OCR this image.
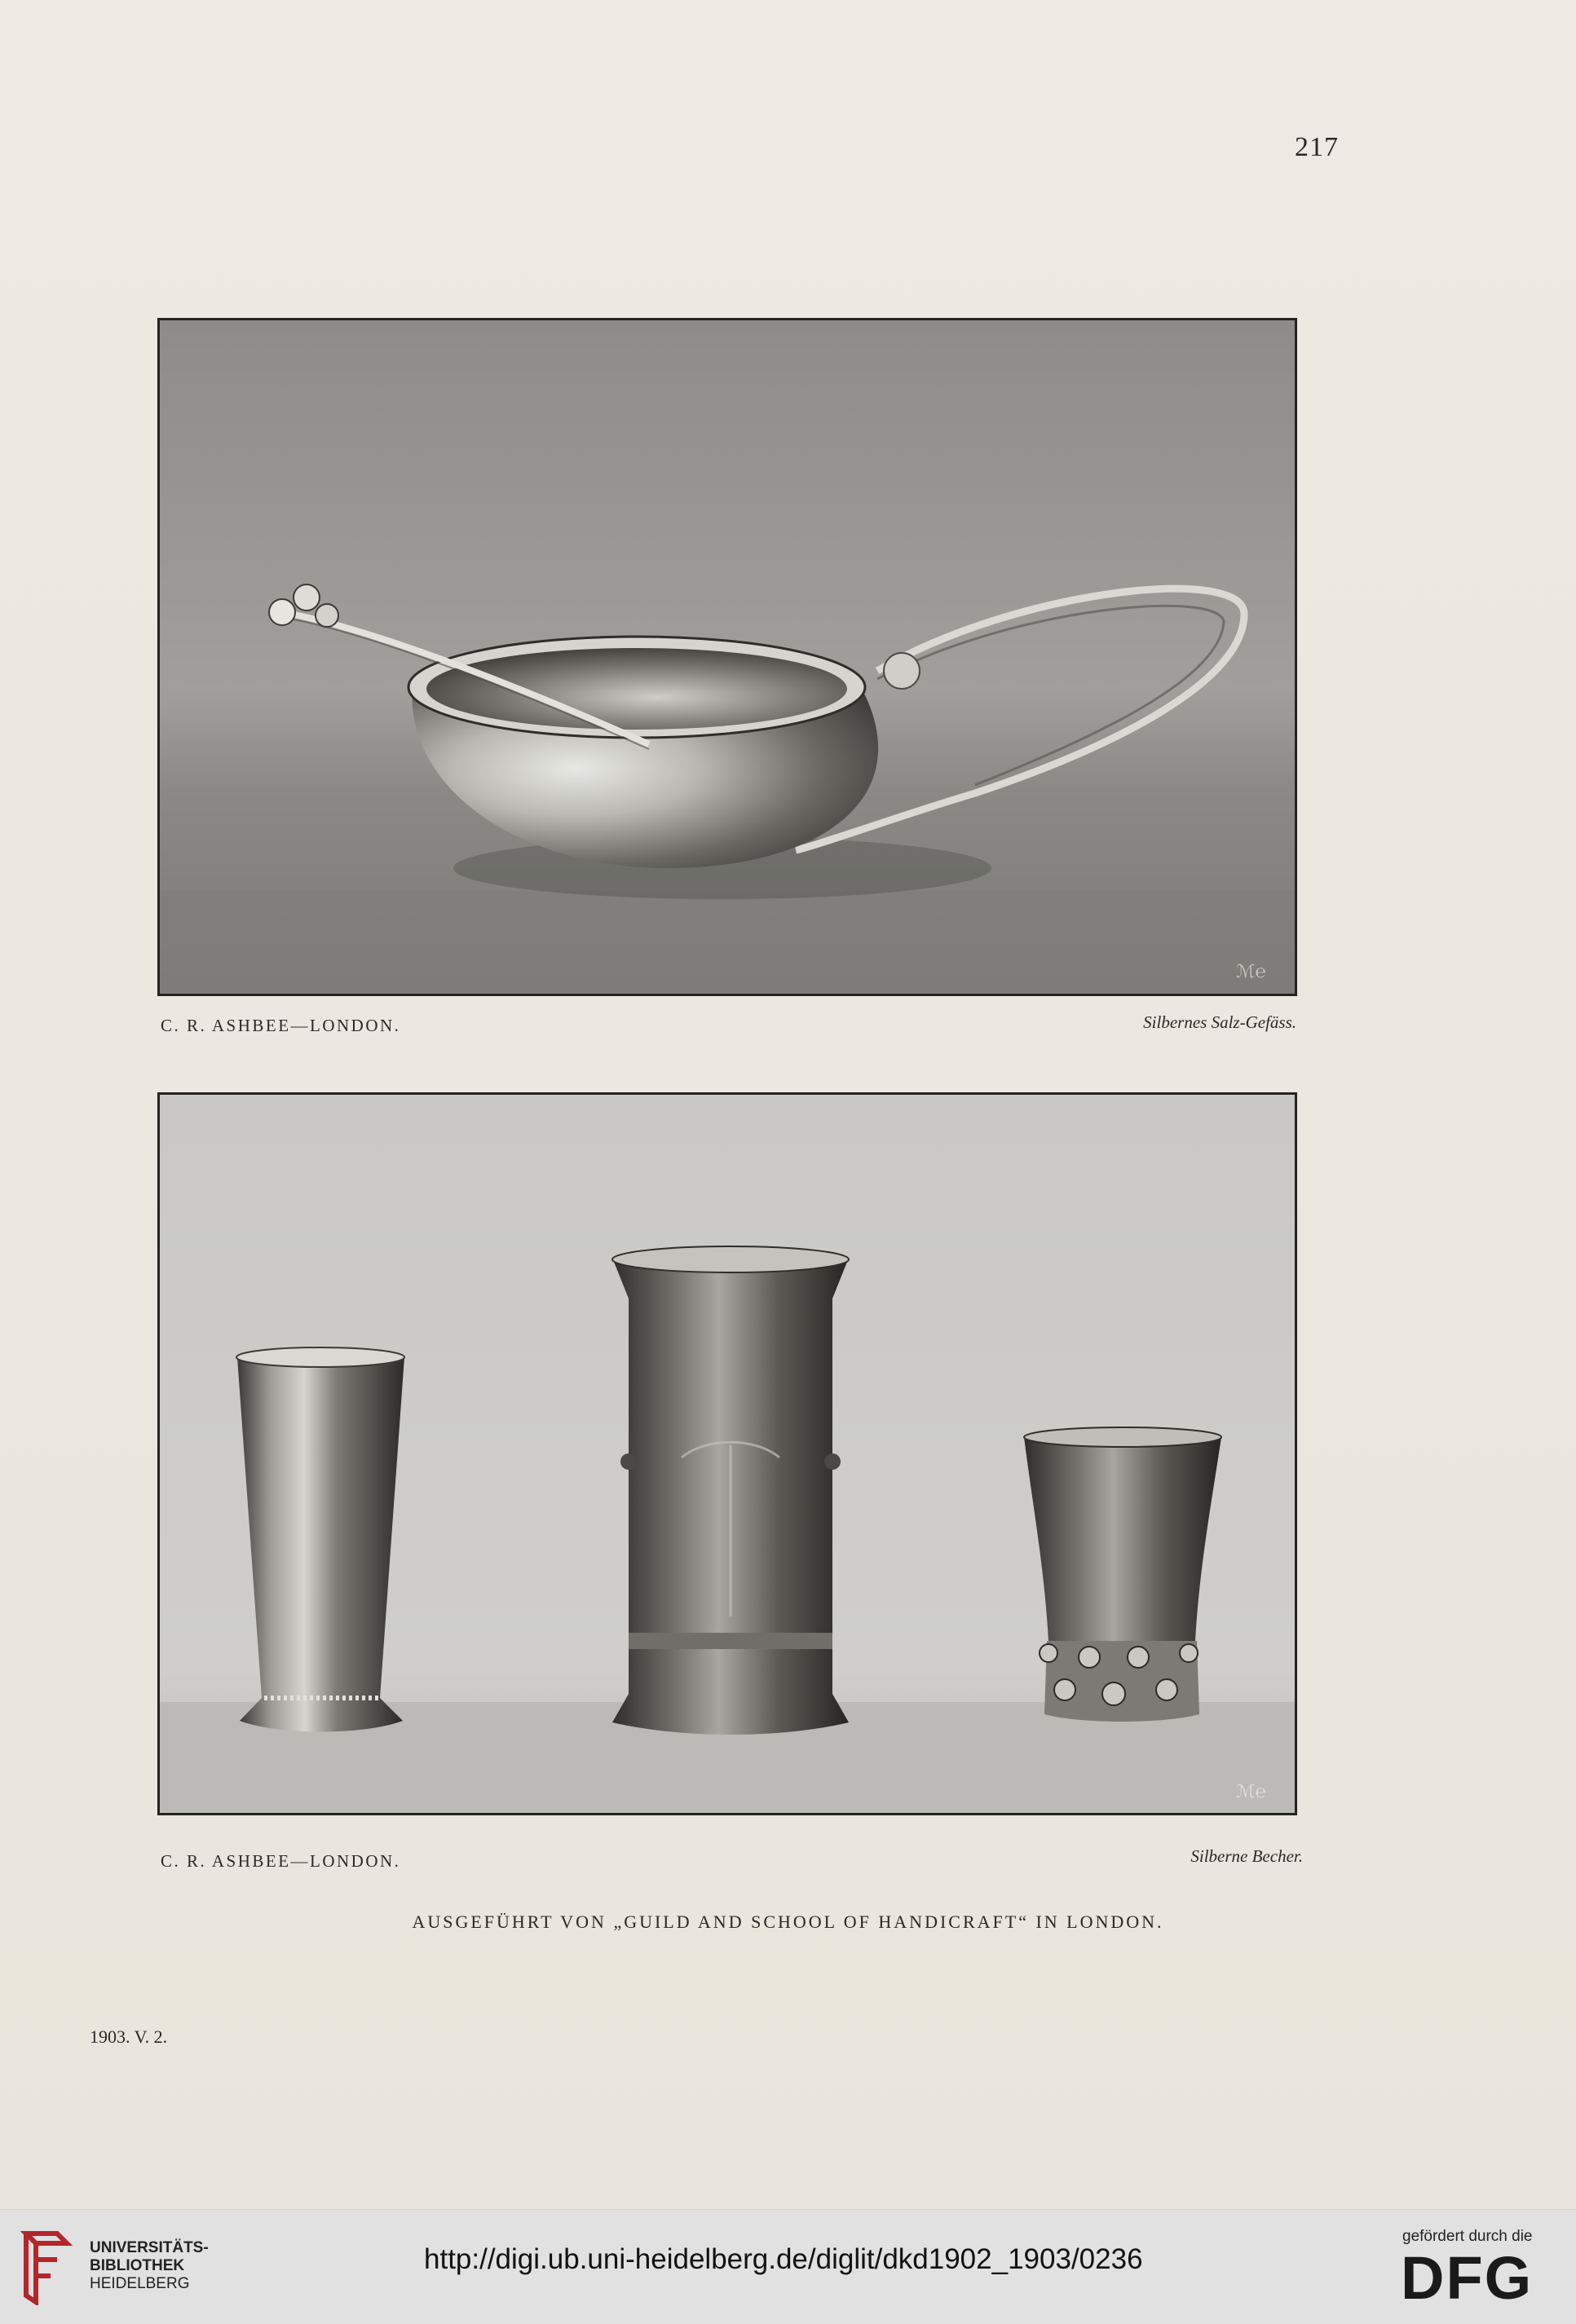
217
ℳ℮
C. R. ASHBEE—LONDON.	Silbernes Salz-Gefäss.
ℳ℮
C. R. ASHBEE—LONDON.	Silberne Becher.
AUSGEFÜHRT VON „GUILD AND SCHOOL OF HANDICRAFT“ IN LONDON.
1903. V. 2.
UNIVERSITÄTS-
BIBLIOTHEK
HEIDELBERG
http://digi.ub.uni-heidelberg.de/diglit/dkd1902_1903/0236
gefördert durch die
DFG
